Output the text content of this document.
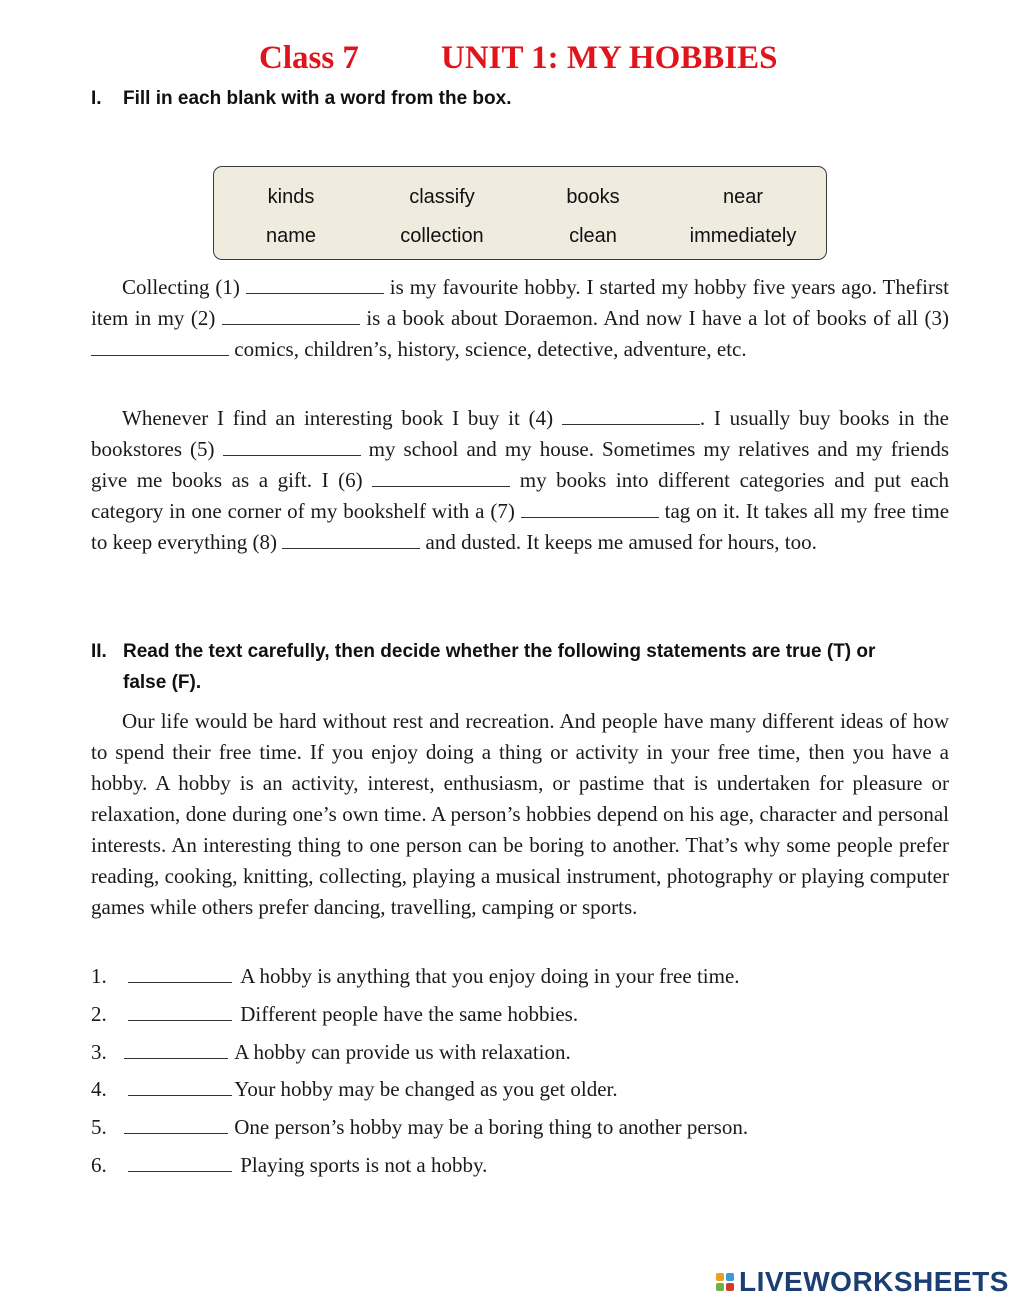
Class 7 UNIT 1: MY HOBBIES
I. Fill in each blank with a word from the box.
kinds	classify	books	near
name	collection	clean	immediately

Collecting (1)	is my favourite hobby. I started my hobby five years ago. Thefirst item in my (2)	is a book about Doraemon. And now I have a lot of books of all (3)  comics, children’s, history, science, detective, adventure, etc.

Whenever I find an interesting book I buy it (4)	. I usually buy books in the bookstores (5)	my school and my house. Sometimes my relatives and my friends give me books as a gift. I (6)	my books into different categories and put each category in one corner of my bookshelf with a (7)	tag on it. It takes all my free time to keep everything (8)	and dusted. It keeps me amused for hours, too.

II. Read the text carefully, then decide whether the following statements are true (T) or
false (F).

Our life would be hard without rest and recreation. And people have many different ideas of how to spend their free time. If you enjoy doing a thing or activity in your free time, then you have a hobby. A hobby is an activity, interest, enthusiasm, or pastime that is undertaken for pleasure or relaxation, done during one’s own time. A person’s hobbies depend on his age, character and personal interests. An interesting thing to one person can be boring to another. That’s why some people prefer reading, cooking, knitting, collecting, playing a musical instrument, photography or playing computer games while others prefer dancing, travelling, camping or sports.

1.	A hobby is anything that you enjoy doing in your free time.
2.	Different people have the same hobbies.
3.	A hobby can provide us with relaxation.
4.	Your hobby may be changed as you get older.
5.	One person’s hobby may be a boring thing to another person.
6.	Playing sports is not a hobby.
LIVEWORKSHEETS
